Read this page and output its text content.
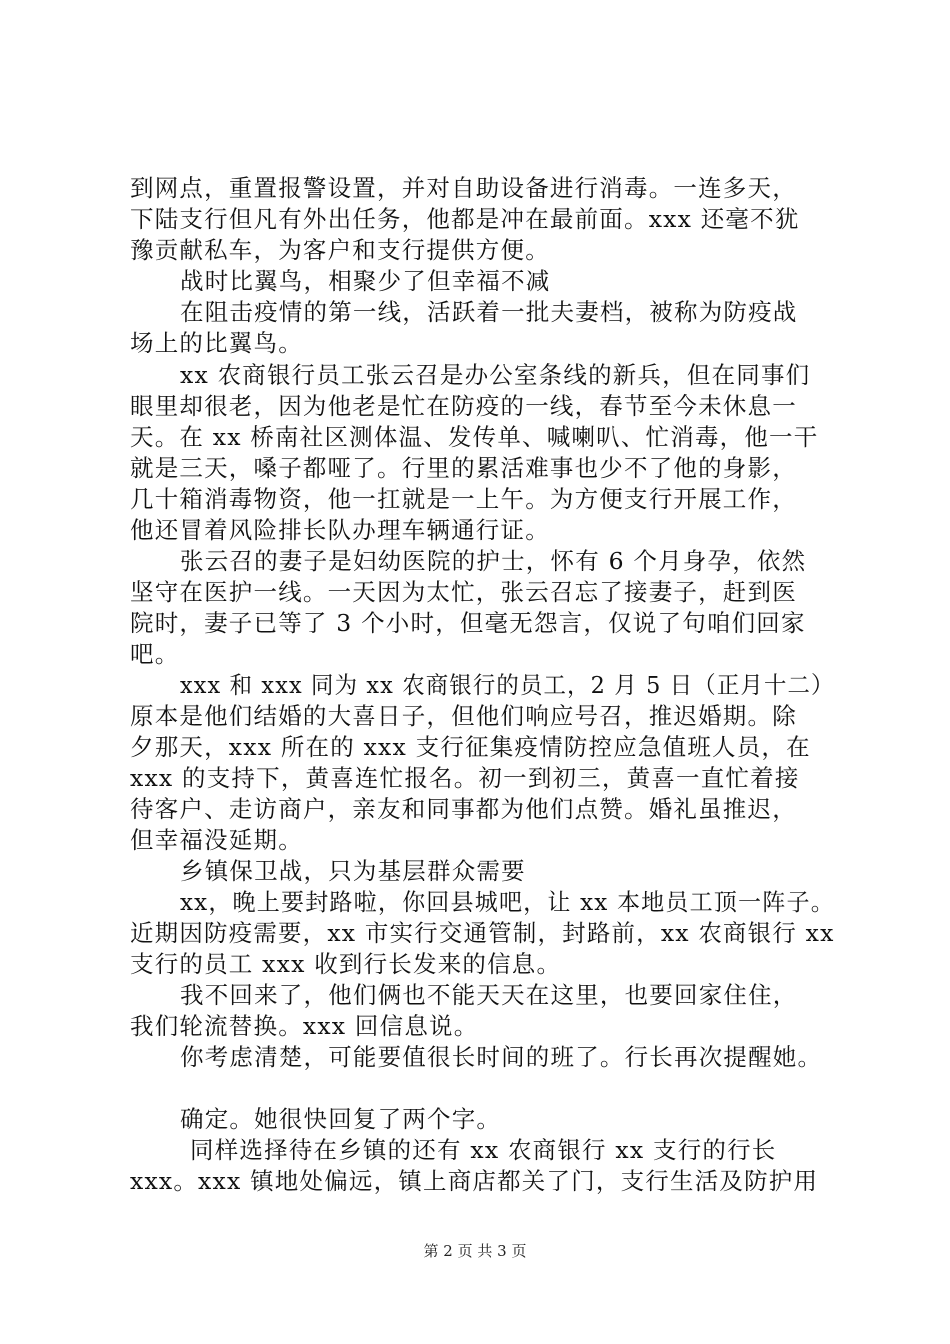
到网点，重置报警设置，并对自助设备进行消毒。一连多天，
下陆支行但凡有外出任务，他都是冲在最前面。xxx 还毫不犹
豫贡献私车，为客户和支行提供方便。
战时比翼鸟，相聚少了但幸福不减
在阻击疫情的第一线，活跃着一批夫妻档，被称为防疫战
场上的比翼鸟。
xx 农商银行员工张云召是办公室条线的新兵，但在同事们
眼里却很老，因为他老是忙在防疫的一线，春节至今未休息一
天。在 xx 桥南社区测体温、发传单、喊喇叭、忙消毒，他一干
就是三天，嗓子都哑了。行里的累活难事也少不了他的身影，
几十箱消毒物资，他一扛就是一上午。为方便支行开展工作，
他还冒着风险排长队办理车辆通行证。
张云召的妻子是妇幼医院的护士，怀有 6 个月身孕，依然
坚守在医护一线。一天因为太忙，张云召忘了接妻子，赶到医
院时，妻子已等了 3 个小时，但毫无怨言，仅说了句咱们回家
吧。
xxx 和 xxx 同为 xx 农商银行的员工，2 月 5 日（正月十二）
原本是他们结婚的大喜日子，但他们响应号召，推迟婚期。除
夕那天，xxx 所在的 xxx 支行征集疫情防控应急值班人员，在
xxx 的支持下，黄喜连忙报名。初一到初三，黄喜一直忙着接
待客户、走访商户，亲友和同事都为他们点赞。婚礼虽推迟，
但幸福没延期。
乡镇保卫战，只为基层群众需要
xx，晚上要封路啦，你回县城吧，让 xx 本地员工顶一阵子。
近期因防疫需要，xx 市实行交通管制，封路前，xx 农商银行 xx
支行的员工 xxx 收到行长发来的信息。
我不回来了，他们俩也不能天天在这里，也要回家住住，
我们轮流替换。xxx 回信息说。
你考虑清楚，可能要值很长时间的班了。行长再次提醒她。
确定。她很快回复了两个字。
同样选择待在乡镇的还有 xx 农商银行 xx 支行的行长
xxx。xxx 镇地处偏远，镇上商店都关了门，支行生活及防护用
第 2 页 共 3 页
